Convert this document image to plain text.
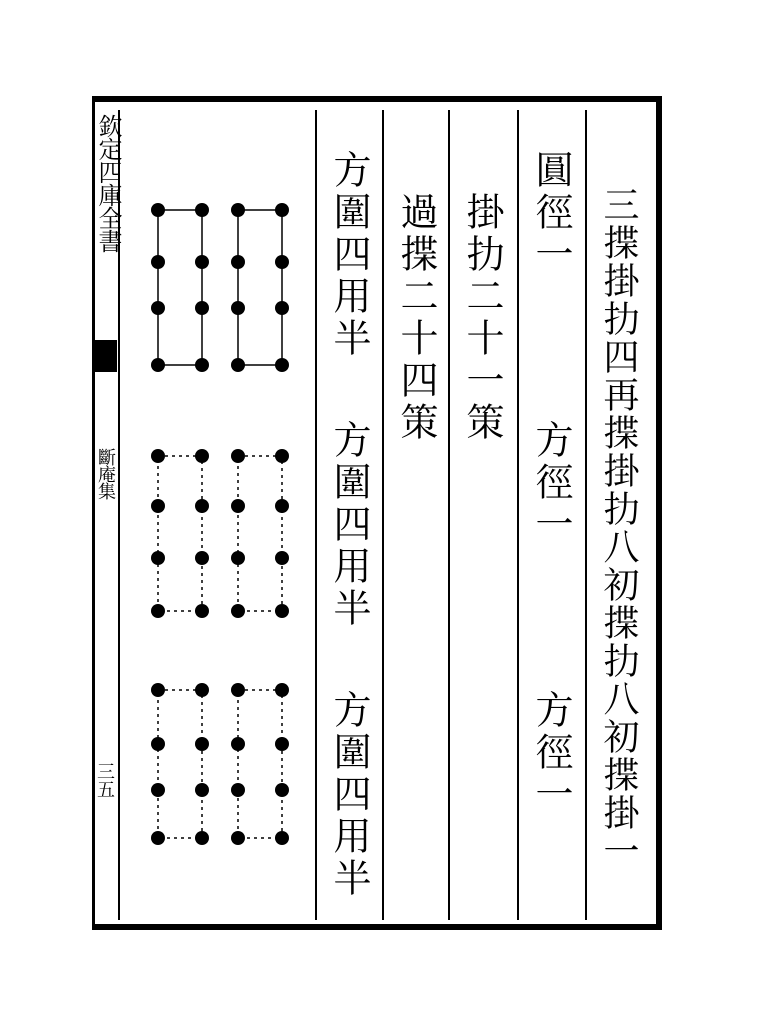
欽定四庫全書
斷庵集
三五	三揲掛扐四再揲掛扐八初揲扐八初揲掛一
圓徑一
方徑一
方徑一
掛扐二十一策
過揲二十四策
方圍四用半
方圍四用半
方圍四用半
